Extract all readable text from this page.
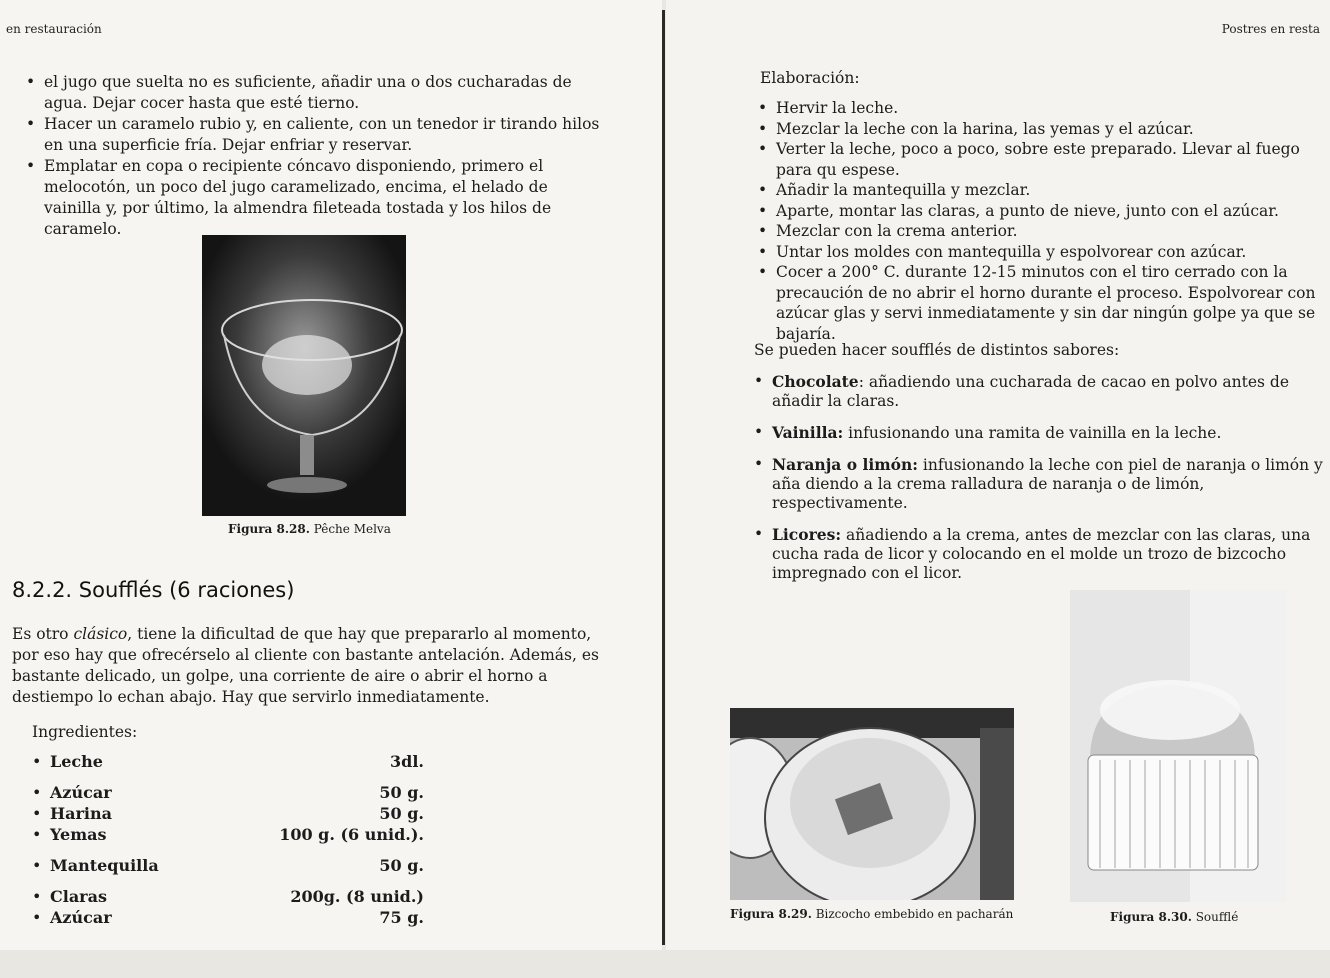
en restauración
• el jugo que suelta no es suficiente, añadir una o dos cucharadas de agua. Dejar cocer hasta que esté tierno.
• Hacer un caramelo rubio y, en caliente, con un tenedor ir tirando hilos en una superficie fría. Dejar enfriar y reservar.
• Emplatar en copa o recipiente cóncavo disponiendo, primero el melocotón, un poco del jugo caramelizado, encima, el helado de vainilla y, por último, la almendra fileteada tostada y los hilos de caramelo.
Figura 8.28. Pêche Melva
8.2.2. Soufflés (6 raciones)

Es otro clásico, tiene la dificultad de que hay que prepararlo al momento, por eso hay que ofrecérselo al cliente con bastante antelación. Además, es bastante delicado, un golpe, una corriente de aire o abrir el horno a destiempo lo echan abajo. Hay que servirlo inmediatamente.

Ingredientes:
• Leche	3dl.
• Azúcar	50 g.
• Harina	50 g.
• Yemas	100 g. (6 unid.).
• Mantequilla	50 g.
• Claras	200g. (8 unid.)
• Azúcar	75 g.
Postres en resta
Elaboración:
• Hervir la leche.
• Mezclar la leche con la harina, las yemas y el azúcar.
• Verter la leche, poco a poco, sobre este preparado. Llevar al fuego para qu espese.
• Añadir la mantequilla y mezclar.
• Aparte, montar las claras, a punto de nieve, junto con el azúcar.
• Mezclar con la crema anterior.
• Untar los moldes con mantequilla y espolvorear con azúcar.
• Cocer a 200° C. durante 12-15 minutos con el tiro cerrado con la precaución de no abrir el horno durante el proceso. Espolvorear con azúcar glas y servi inmediatamente y sin dar ningún golpe ya que se bajaría.
Se pueden hacer soufflés de distintos sabores:
• Chocolate: añadiendo una cucharada de cacao en polvo antes de añadir la claras.
• Vainilla: infusionando una ramita de vainilla en la leche.
• Naranja o limón: infusionando la leche con piel de naranja o limón y aña diendo a la crema ralladura de naranja o de limón, respectivamente.
• Licores: añadiendo a la crema, antes de mezclar con las claras, una cucha rada de licor y colocando en el molde un trozo de bizcocho impregnado con el licor.
Figura 8.29. Bizcocho embebido en pacharán	Figura 8.30. Soufflé
